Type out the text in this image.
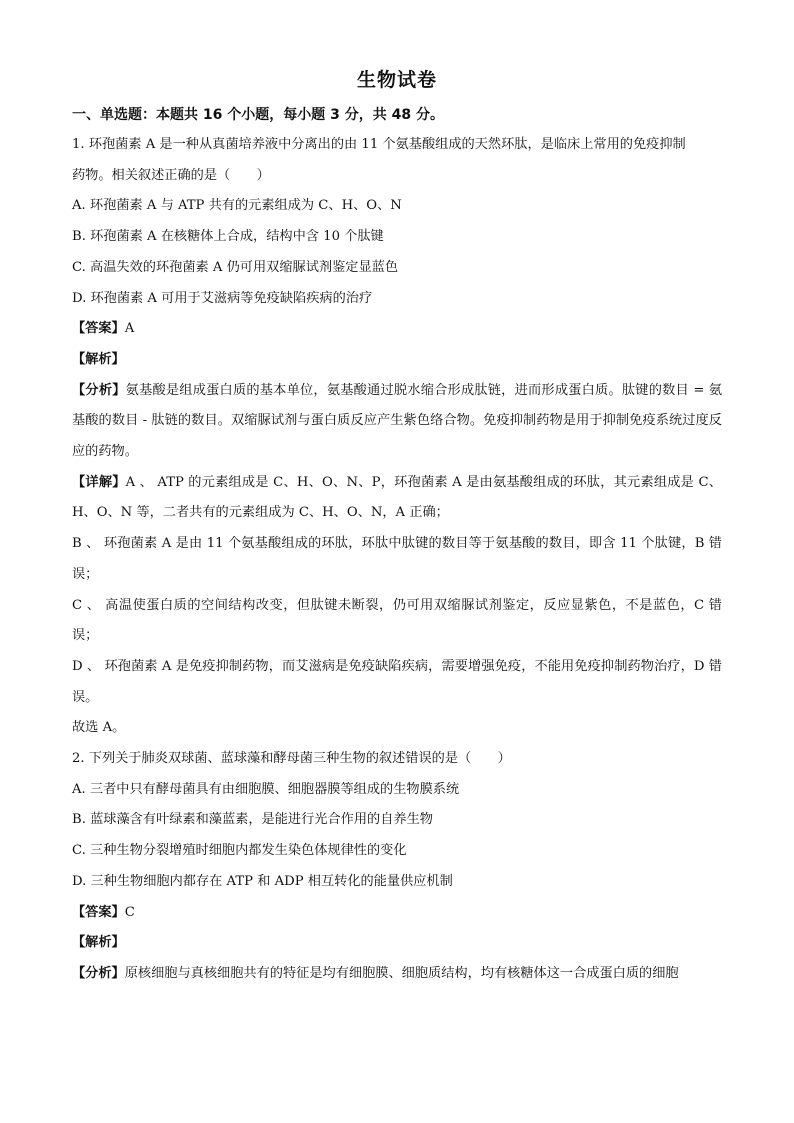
生物试卷

一、单选题：本题共 16 个小题，每小题 3 分，共 48 分。

1. 环孢菌素 A 是一种从真菌培养液中分离出的由 11 个氨基酸组成的天然环肽，是临床上常用的免疫抑制

药物。相关叙述正确的是（　　）

A. 环孢菌素 A 与 ATP 共有的元素组成为 C、H、O、N

B. 环孢菌素 A 在核糖体上合成，结构中含 10 个肽键

C. 高温失效的环孢菌素 A 仍可用双缩脲试剂鉴定显蓝色

D. 环孢菌素 A 可用于艾滋病等免疫缺陷疾病的治疗

【答案】A

【解析】

【分析】氨基酸是组成蛋白质的基本单位，氨基酸通过脱水缩合形成肽链，进而形成蛋白质。肽键的数目 = 氨基酸的数目 - 肽链的数目。双缩脲试剂与蛋白质反应产生紫色络合物。免疫抑制药物是用于抑制免疫系统过度反应的药物。

【详解】A 、 ATP 的元素组成是 C、H、O、N、P，环孢菌素 A 是由氨基酸组成的环肽，其元素组成是 C、H、O、N 等，二者共有的元素组成为 C、H、O、N，A 正确；

B 、 环孢菌素 A 是由 11 个氨基酸组成的环肽，环肽中肽键的数目等于氨基酸的数目，即含 11 个肽键，B 错误；

C 、 高温使蛋白质的空间结构改变，但肽键未断裂，仍可用双缩脲试剂鉴定，反应显紫色，不是蓝色，C 错误；

D 、 环孢菌素 A 是免疫抑制药物，而艾滋病是免疫缺陷疾病，需要增强免疫，不能用免疫抑制药物治疗，D 错误。

故选 A。

2. 下列关于肺炎双球菌、蓝球藻和酵母菌三种生物的叙述错误的是（　　）

A. 三者中只有酵母菌具有由细胞膜、细胞器膜等组成的生物膜系统

B. 蓝球藻含有叶绿素和藻蓝素，是能进行光合作用的自养生物

C. 三种生物分裂增殖时细胞内都发生染色体规律性的变化

D. 三种生物细胞内都存在 ATP 和 ADP 相互转化的能量供应机制

【答案】C

【解析】

【分析】原核细胞与真核细胞共有的特征是均有细胞膜、细胞质结构，均有核糖体这一合成蛋白质的细胞
